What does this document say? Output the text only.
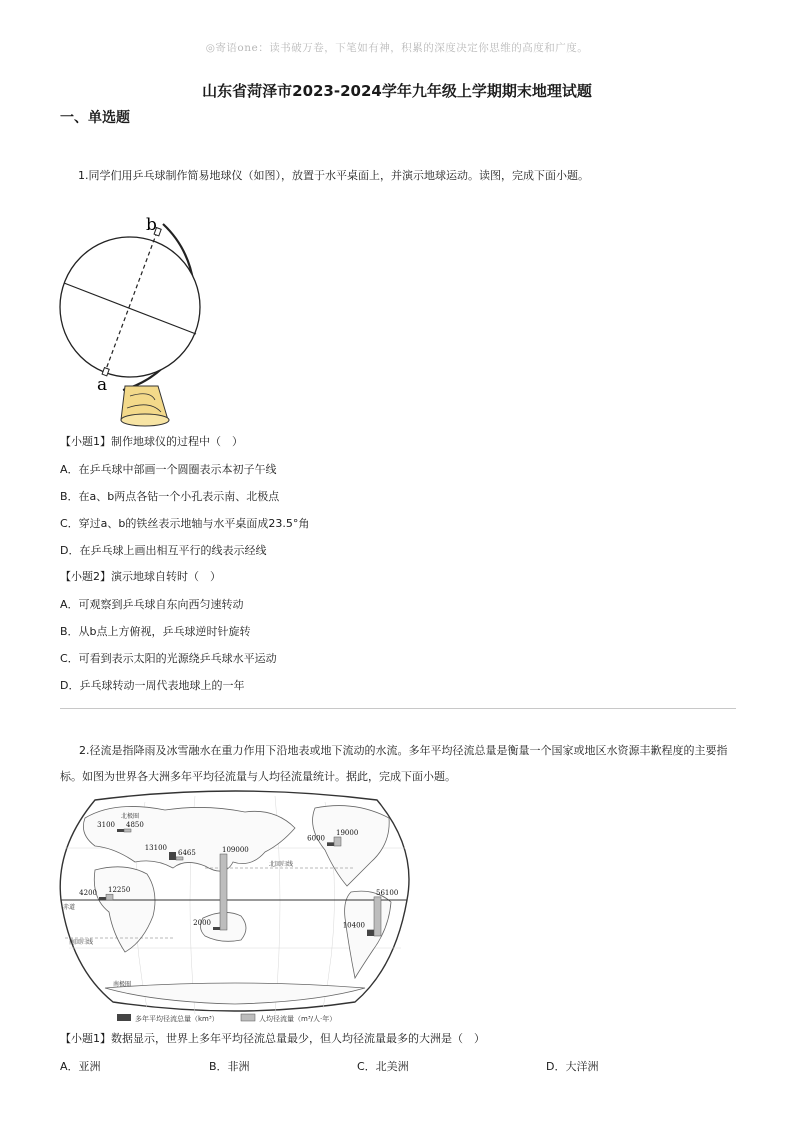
◎寄语one：读书破万卷，下笔如有神，积累的深度决定你思维的高度和广度。
山东省菏泽市2023-2024学年九年级上学期期末地理试题
一、单选题
1.同学们用乒乓球制作简易地球仪（如图），放置于水平桌面上，并演示地球运动。读图，完成下面小题。
b
a
【小题1】制作地球仪的过程中（　）
A．在乒乓球中部画一个圆圈表示本初子午线
B．在a、b两点各钻一个小孔表示南、北极点
C．穿过a、b的铁丝表示地轴与水平桌面成23.5°角
D．在乒乓球上画出相互平行的线表示经线
【小题2】演示地球自转时（　）
A．可观察到乒乓球自东向西匀速转动
B．从b点上方俯视，乒乓球逆时针旋转
C．可看到表示太阳的光源绕乒乓球水平运动
D．乒乓球转动一周代表地球上的一年
2.径流是指降雨及冰雪融水在重力作用下沿地表或地下流动的水流。多年平均径流总量是衡量一个国家或地区水资源丰歉程度的主要指标。如图为世界各大洲多年平均径流量与人均径流量统计。据此，完成下面小题。
赤道
北回归线
南回归线
南极圈
北极圈
3100 4850
13100
6465
4200 12250
2000
109000
6000
19000
10400
56100
多年平均径流总量（km³）	人均径流量（m³/人·年）
【小题1】数据显示，世界上多年平均径流总量最少，但人均径流量最多的大洲是（　）
A．亚洲	B．非洲	C．北美洲	D．大洋洲
